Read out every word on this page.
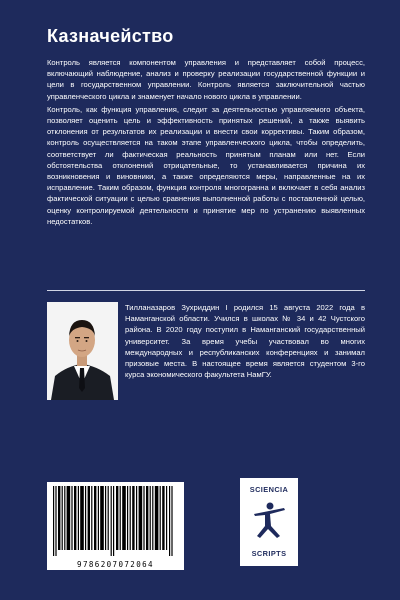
Казначейство

Контроль является компонентом управления и представляет собой процесс, включающий наблюдение, анализ и проверку реализации государственной функции и цели в государственном управлении. Контроль является заключительной частью управленческого цикла и знаменует начало нового цикла в управлении.

Контроль, как функция управления, следит за деятельностью управляемого объекта, позволяет оценить цель и эффективность принятых решений, а также выявить отклонения от результатов их реализации и внести свои коррективы. Таким образом, контроль осуществляется на таком этапе управленческого цикла, чтобы определить, соответствует ли фактическая реальность принятым планам или нет. Если обстоятельства отклонений отрицательные, то устанавливается причина их возникновения и виновники, а также определяются меры, направленные на их исправление. Таким образом, функция контроля многогранна и включает в себя анализ фактической ситуации с целью сравнения выполненной работы с поставленной целью, оценку контролируемой деятельности и принятие мер по устранению выявленных недостатков.

Тилланазаров Зухриддин I родился 15 августа 2022 года в Наманганской области. Учился в школах № 34 и 42 Чустского района. В 2020 году поступил в Наманганский государственный университет. За время учебы участвовал во многих международных и республиканских конференциях и занимал призовые места. В настоящее время является студентом 3-го курса экономического факультета НамГУ.
9786207072064
SCIENCIA
SCRIPTS
